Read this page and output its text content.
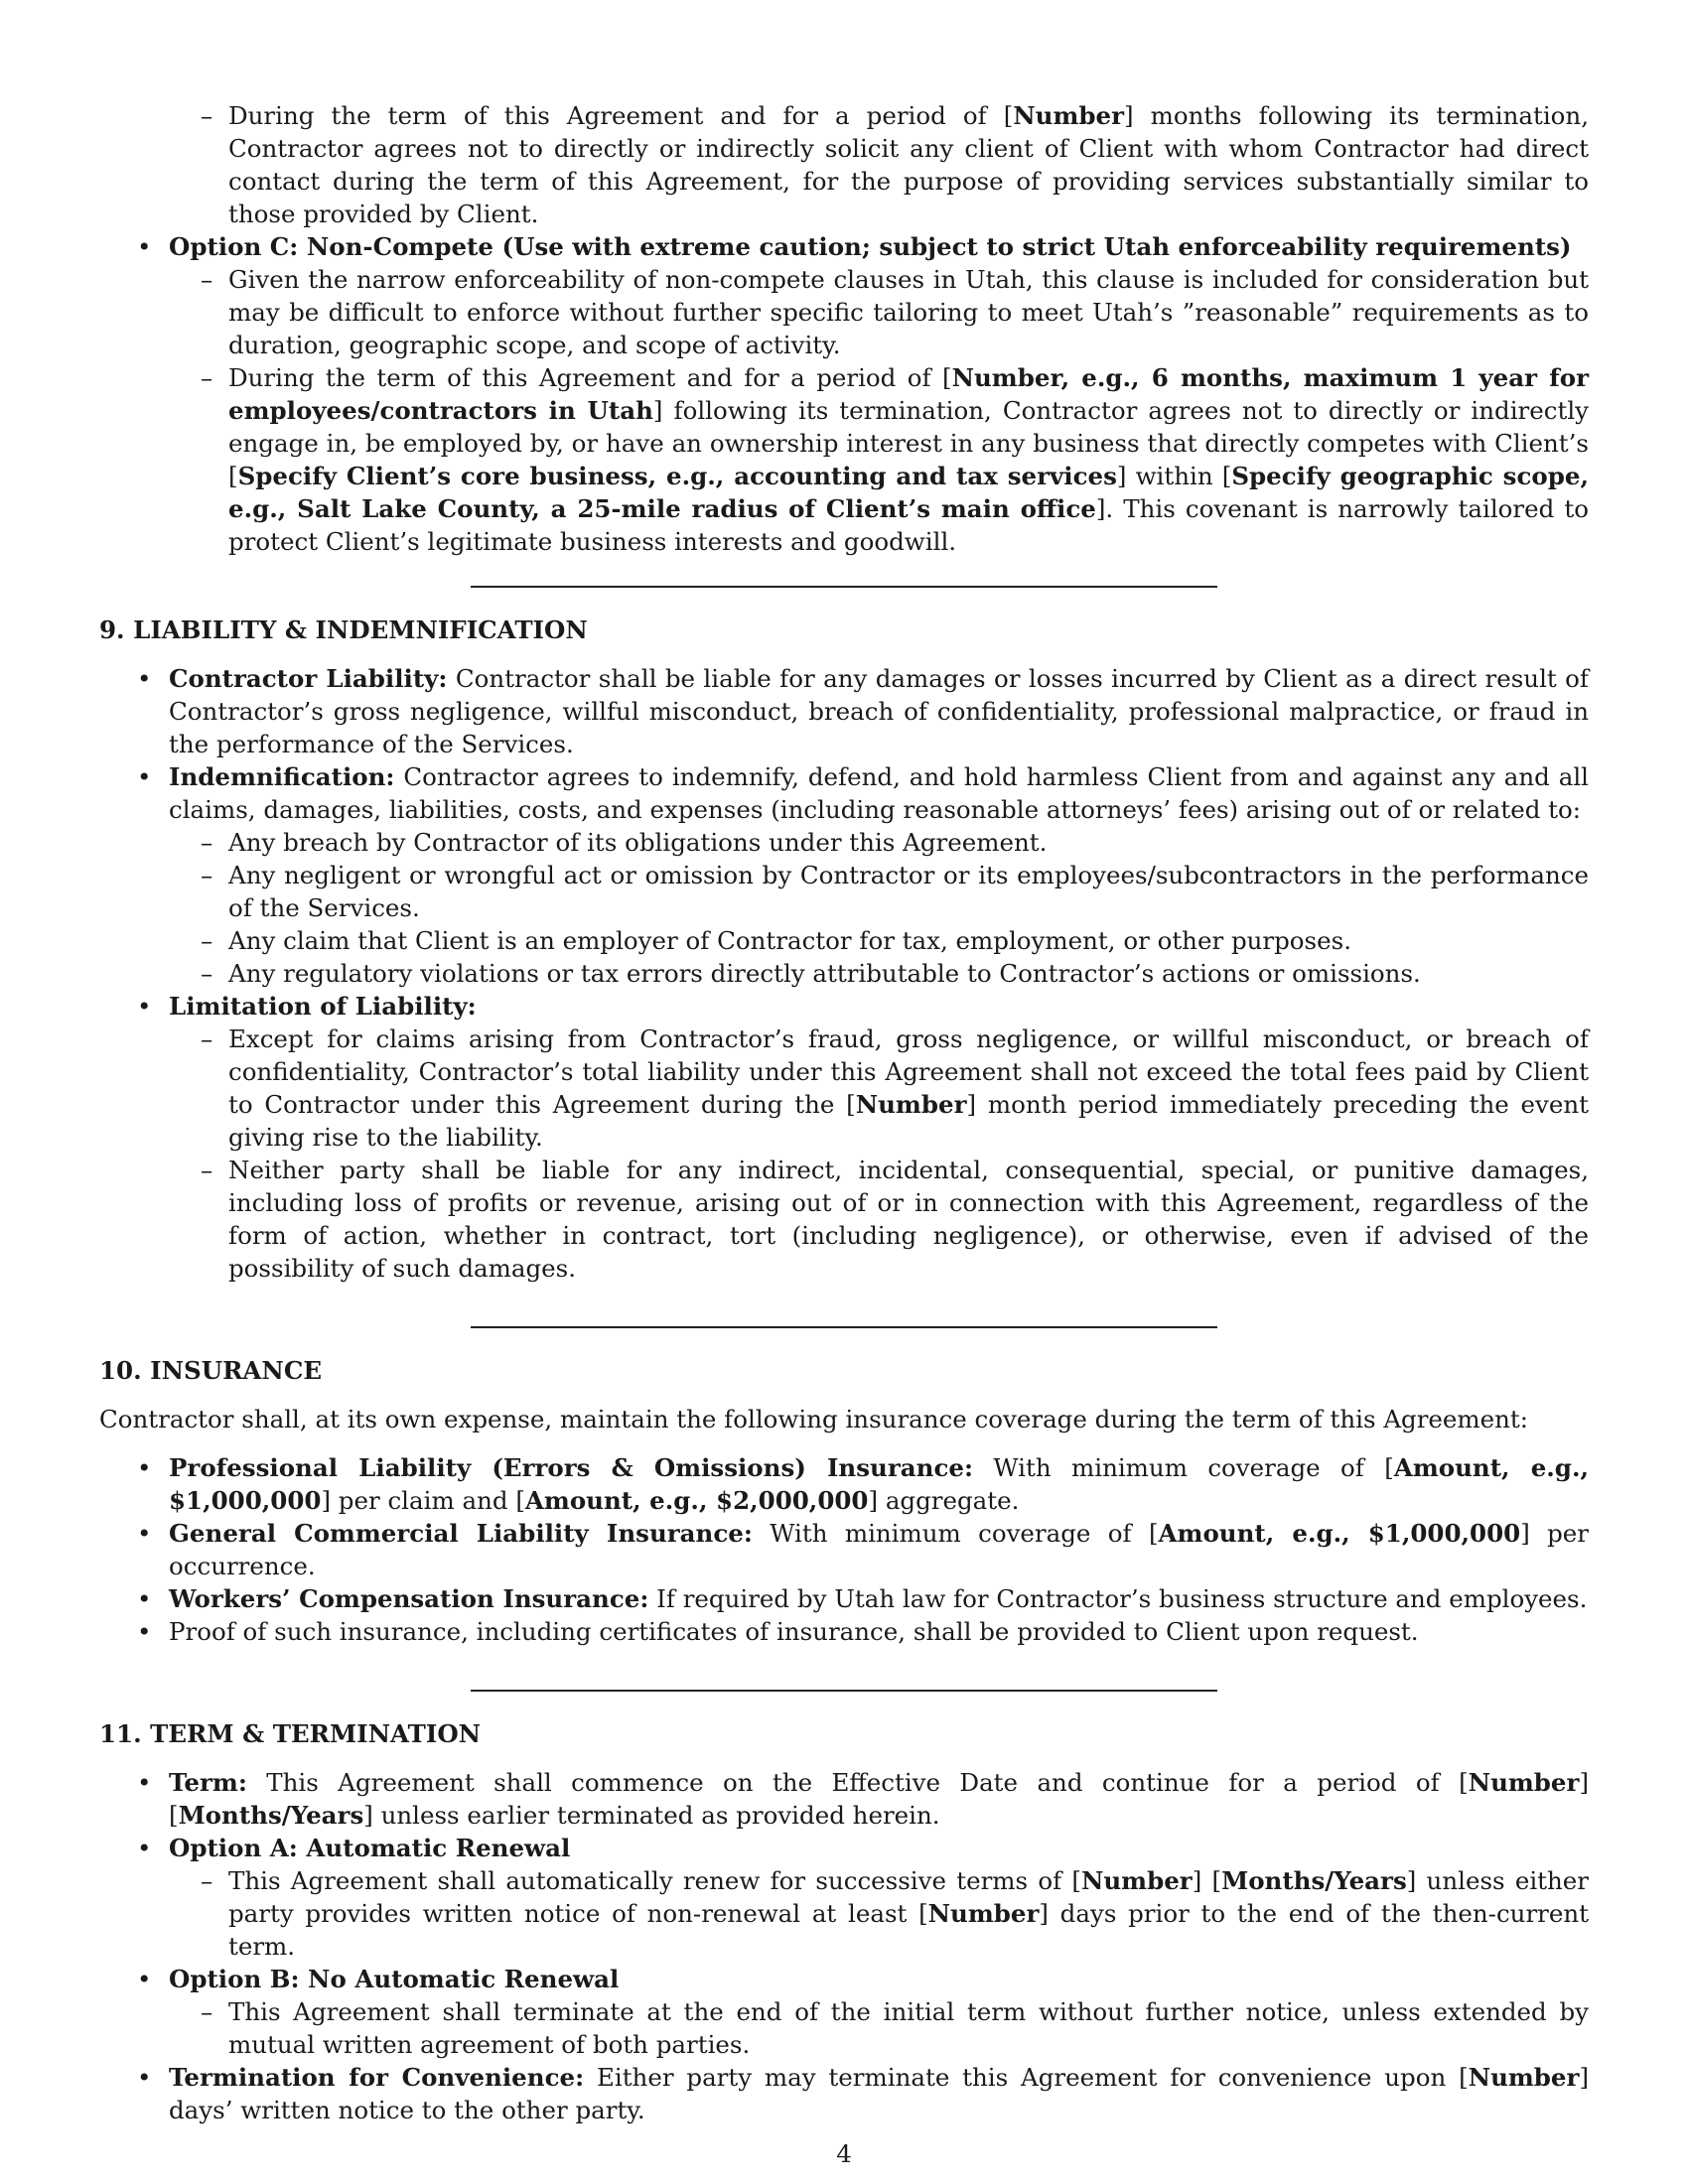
– During the term of this Agreement and for a period of [Number] months following its termination, Contractor agrees not to directly or indirectly solicit any client of Client with whom Contractor had direct contact during the term of this Agreement, for the purpose of providing services substantially similar to those provided by Client.
• Option C: Non-Compete (Use with extreme caution; subject to strict Utah enforceability requirements)
– Given the narrow enforceability of non-compete clauses in Utah, this clause is included for consideration but may be difficult to enforce without further specific tailoring to meet Utah’s ”reasonable” requirements as to duration, geographic scope, and scope of activity.
– During the term of this Agreement and for a period of [Number, e.g., 6 months, maximum 1 year for employees/contractors in Utah] following its termination, Contractor agrees not to directly or indirectly engage in, be employed by, or have an ownership interest in any business that directly competes with Client’s [Specify Client’s core business, e.g., accounting and tax services] within [Specify geographic scope, e.g., Salt Lake County, a 25-mile radius of Client’s main office]. This covenant is narrowly tailored to protect Client’s legitimate business interests and goodwill.
9. LIABILITY & INDEMNIFICATION
• Contractor Liability: Contractor shall be liable for any damages or losses incurred by Client as a direct result of Contractor’s gross negligence, willful misconduct, breach of confidentiality, professional malpractice, or fraud in the performance of the Services.
• Indemnification: Contractor agrees to indemnify, defend, and hold harmless Client from and against any and all claims, damages, liabilities, costs, and expenses (including reasonable attorneys’ fees) arising out of or related to:
– Any breach by Contractor of its obligations under this Agreement.
– Any negligent or wrongful act or omission by Contractor or its employees/subcontractors in the performance of the Services.
– Any claim that Client is an employer of Contractor for tax, employment, or other purposes.
– Any regulatory violations or tax errors directly attributable to Contractor’s actions or omissions.
• Limitation of Liability:
– Except for claims arising from Contractor’s fraud, gross negligence, or willful misconduct, or breach of confidentiality, Contractor’s total liability under this Agreement shall not exceed the total fees paid by Client to Contractor under this Agreement during the [Number] month period immediately preceding the event giving rise to the liability.
– Neither party shall be liable for any indirect, incidental, consequential, special, or punitive damages, including loss of profits or revenue, arising out of or in connection with this Agreement, regardless of the form of action, whether in contract, tort (including negligence), or otherwise, even if advised of the possibility of such damages.
10. INSURANCE

Contractor shall, at its own expense, maintain the following insurance coverage during the term of this Agreement:

• Professional Liability (Errors & Omissions) Insurance: With minimum coverage of [Amount, e.g., $1,000,000] per claim and [Amount, e.g., $2,000,000] aggregate.
• General Commercial Liability Insurance: With minimum coverage of [Amount, e.g., $1,000,000] per occurrence.
• Workers’ Compensation Insurance: If required by Utah law for Contractor’s business structure and employees.
• Proof of such insurance, including certificates of insurance, shall be provided to Client upon request.
11. TERM & TERMINATION
• Term: This Agreement shall commence on the Effective Date and continue for a period of [Number] [Months/Years] unless earlier terminated as provided herein.
• Option A: Automatic Renewal
– This Agreement shall automatically renew for successive terms of [Number] [Months/Years] unless either party provides written notice of non-renewal at least [Number] days prior to the end of the then-current term.
• Option B: No Automatic Renewal
– This Agreement shall terminate at the end of the initial term without further notice, unless extended by mutual written agreement of both parties.
• Termination for Convenience: Either party may terminate this Agreement for convenience upon [Number] days’ written notice to the other party.
4
